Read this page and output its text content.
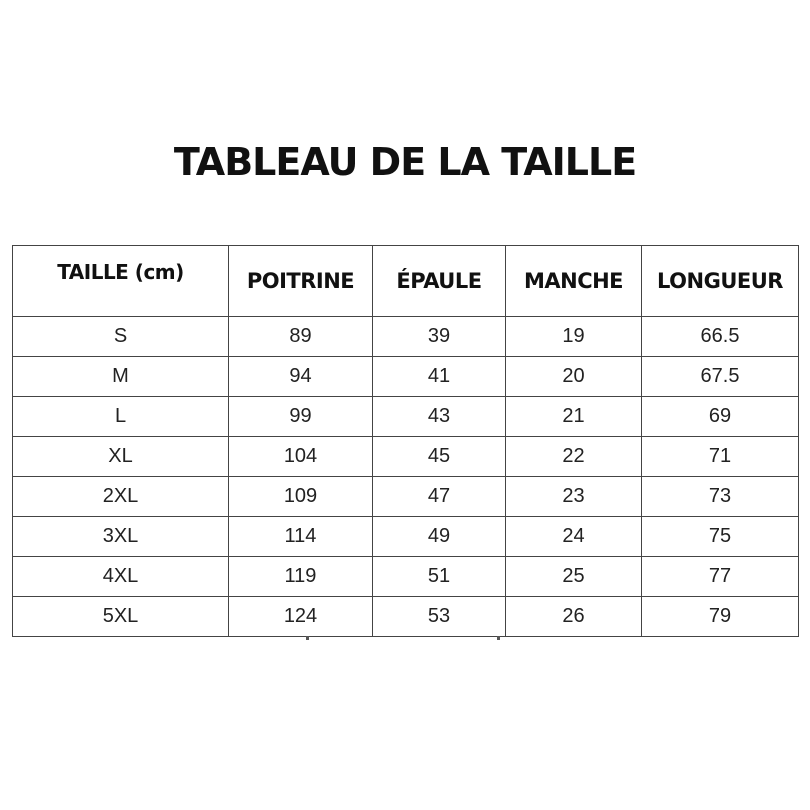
TABLEAU DE LA TAILLE
TAILLE (cm)	POITRINE	ÉPAULE	MANCHE	LONGUEUR
S	89	39	19	66.5
M	94	41	20	67.5
L	99	43	21	69
XL	104	45	22	71
2XL	109	47	23	73
3XL	114	49	24	75
4XL	119	51	25	77
5XL	124	53	26	79
